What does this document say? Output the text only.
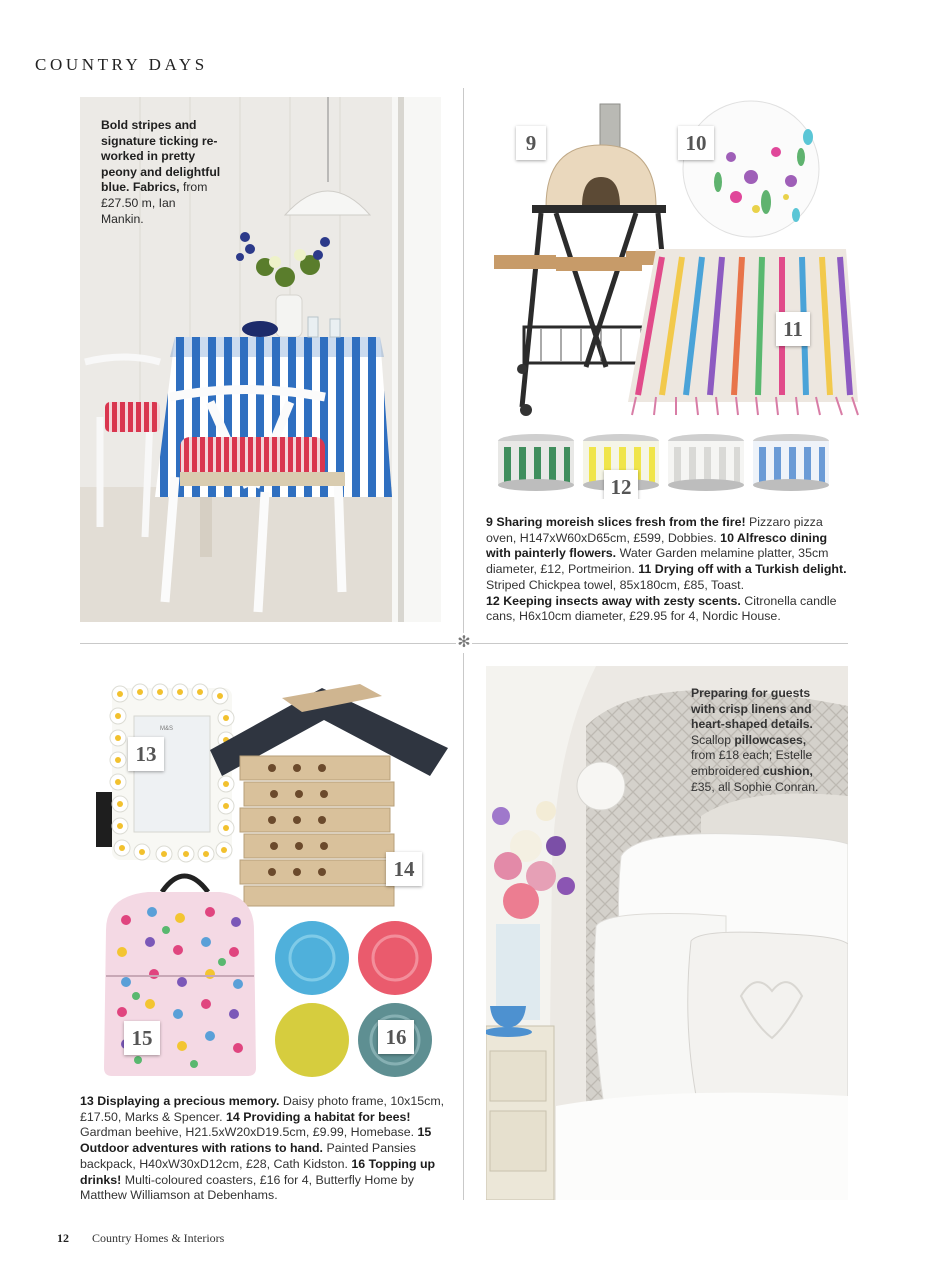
COUNTRY DAYS
✻
Bold stripes and signature ticking re-worked in pretty peony and delightful blue. Fabrics, from £27.50 m, Ian Mankin.
9	10
11
12
9 Sharing moreish slices fresh from the fire! Pizzaro pizza oven, H147xW60xD65cm, £599, Dobbies. 10 Alfresco dining with painterly flowers. Water Garden melamine platter, 35cm diameter, £12, Portmeirion. 11 Drying off with a Turkish delight. Striped Chickpea towel, 85x180cm, £85, Toast.
12 Keeping insects away with zesty scents. Citronella candle cans, H6x10cm diameter, £29.95 for 4, Nordic House.
M&S
13
14
15	16
13 Displaying a precious memory. Daisy photo frame, 10x15cm, £17.50, Marks & Spencer. 14 Providing a habitat for bees! Gardman beehive, H21.5xW20xD19.5cm, £9.99, Homebase. 15 Outdoor adventures with rations to hand. Painted Pansies backpack, H40xW30xD12cm, £28, Cath Kidston. 16 Topping up drinks! Multi-coloured coasters, £16 for 4, Butterfly Home by Matthew Williamson at Debenhams.
Preparing for guests with crisp linens and heart-shaped details. Scallop pillowcases, from £18 each; Estelle embroidered cushion, £35, all Sophie Conran.
12 Country Homes & Interiors
